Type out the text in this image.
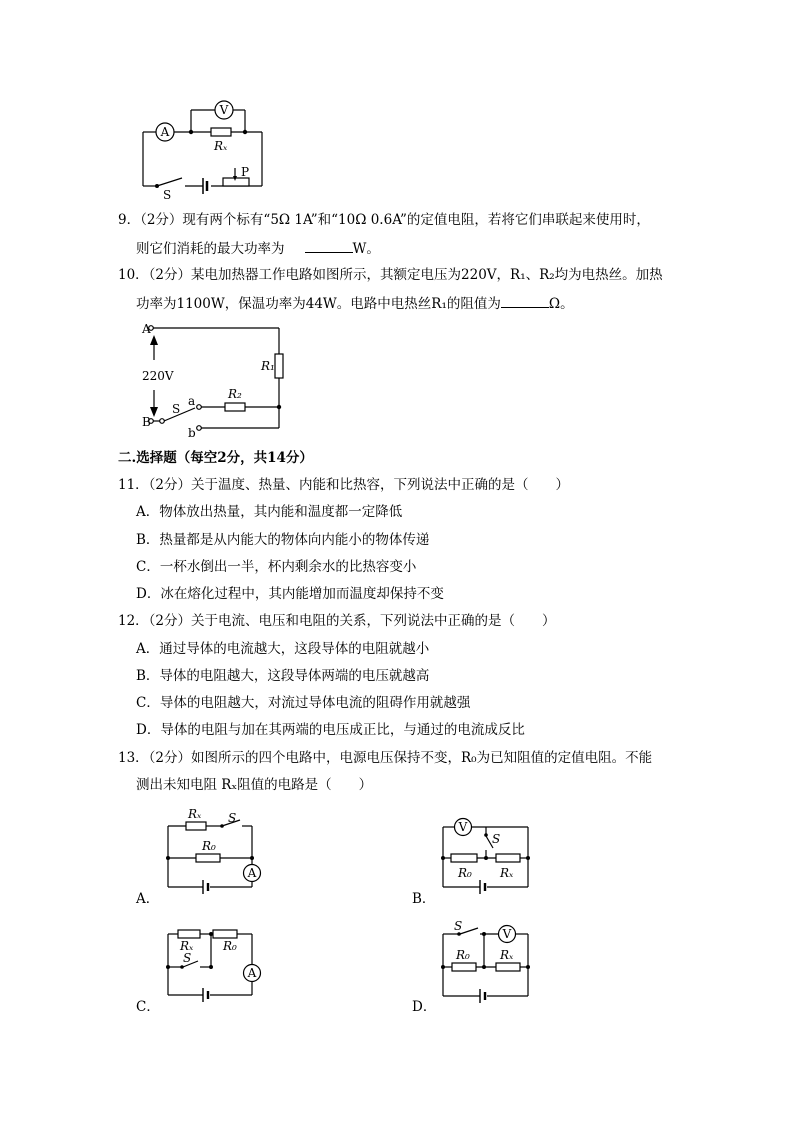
A
V
Rₓ
S
P
9．（2分）现有两个标有“5Ω 1A”和“10Ω 0.6A”的定值电阻，若将它们串联起来使用时，
则它们消耗的最大功率为	W。
10．（2分）某电加热器工作电路如图所示，其额定电压为220V，R₁、R₂均为电热丝。加热
功率为1100W，保温功率为44W。电路中电热丝R₁的阻值为	Ω。
A
B
220V
R₁
R₂
S
a
b
二.选择题（每空2分，共14分）
11．（2分）关于温度、热量、内能和比热容，下列说法中正确的是（　　）
A．物体放出热量，其内能和温度都一定降低
B．热量都是从内能大的物体向内能小的物体传递
C．一杯水倒出一半，杯内剩余水的比热容变小
D．冰在熔化过程中，其内能增加而温度却保持不变
12．（2分）关于电流、电压和电阻的关系，下列说法中正确的是（　　）
A．通过导体的电流越大，这段导体的电阻就越小
B．导体的电阻越大，这段导体两端的电压就越高
C．导体的电阻越大，对流过导体电流的阻碍作用就越强
D．导体的电阻与加在其两端的电压成正比，与通过的电流成反比
13．（2分）如图所示的四个电路中，电源电压保持不变，R₀为已知阻值的定值电阻。不能
测出未知电阻 Rₓ阻值的电路是（　　）
A．	B．
C．	D．
Rₓ S
R₀
A
V
S
R₀ Rₓ
Rₓ R₀
S
A
S
V
R₀	Rₓ
